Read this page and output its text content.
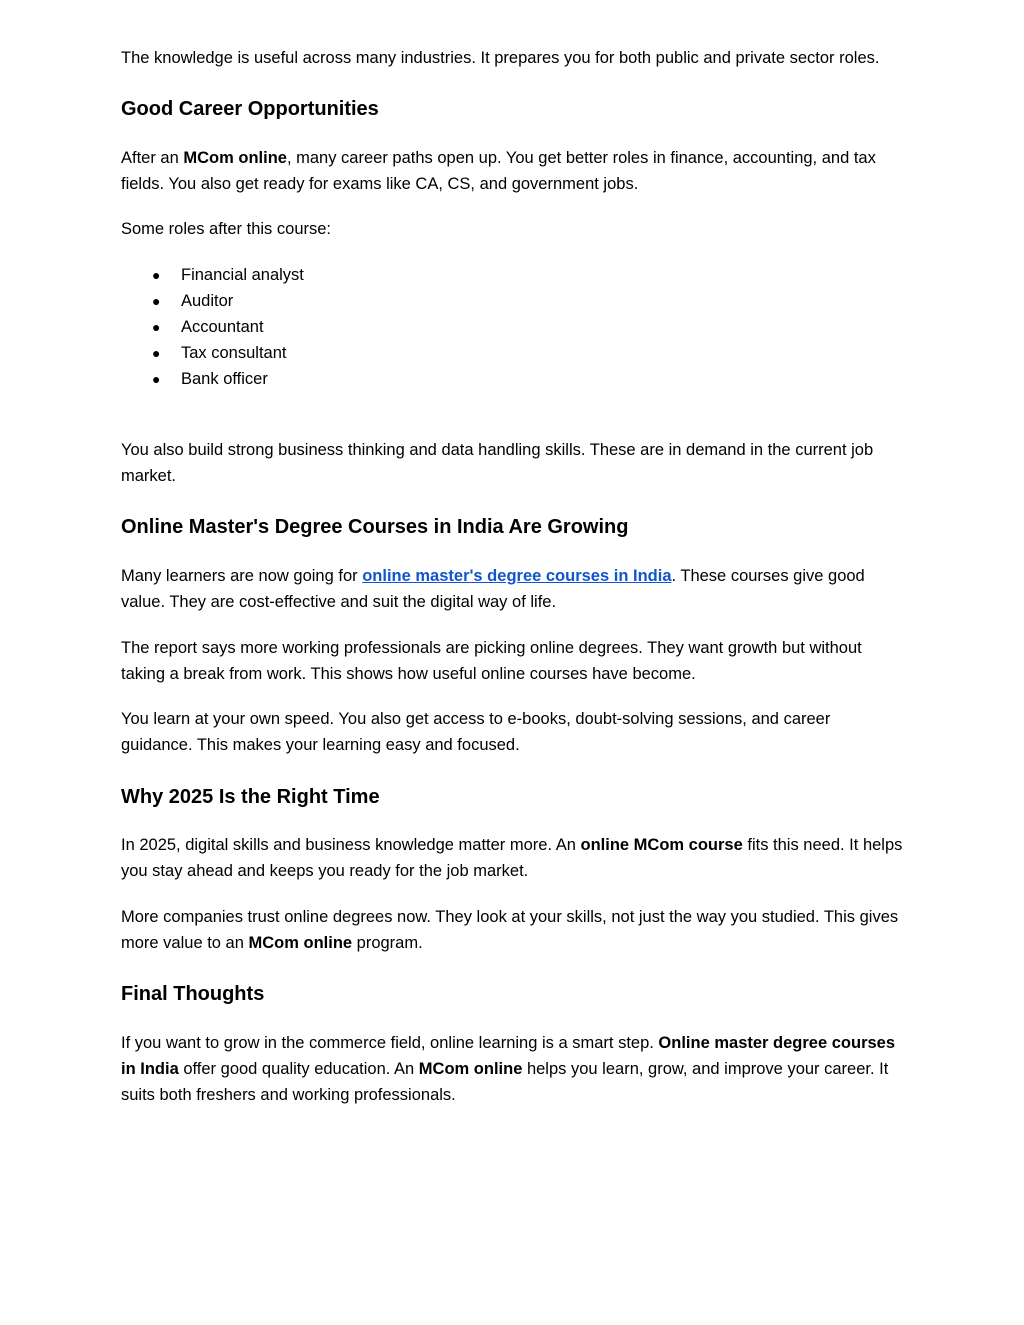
The knowledge is useful across many industries. It prepares you for both public and private sector roles.

Good Career Opportunities

After an MCom online, many career paths open up. You get better roles in finance, accounting, and tax fields. You also get ready for exams like CA, CS, and government jobs.

Some roles after this course:

● Financial analyst
● Auditor
● Accountant
● Tax consultant
● Bank officer

You also build strong business thinking and data handling skills. These are in demand in the current job market.

Online Master's Degree Courses in India Are Growing

Many learners are now going for online master's degree courses in India. These courses give good value. They are cost-effective and suit the digital way of life.

The report says more working professionals are picking online degrees. They want growth but without taking a break from work. This shows how useful online courses have become.

You learn at your own speed. You also get access to e-books, doubt-solving sessions, and career guidance. This makes your learning easy and focused.

Why 2025 Is the Right Time

In 2025, digital skills and business knowledge matter more. An online MCom course fits this need. It helps you stay ahead and keeps you ready for the job market.

More companies trust online degrees now. They look at your skills, not just the way you studied. This gives more value to an MCom online program.

Final Thoughts

If you want to grow in the commerce field, online learning is a smart step. Online master degree courses in India offer good quality education. An MCom online helps you learn, grow, and improve your career. It suits both freshers and working professionals.
